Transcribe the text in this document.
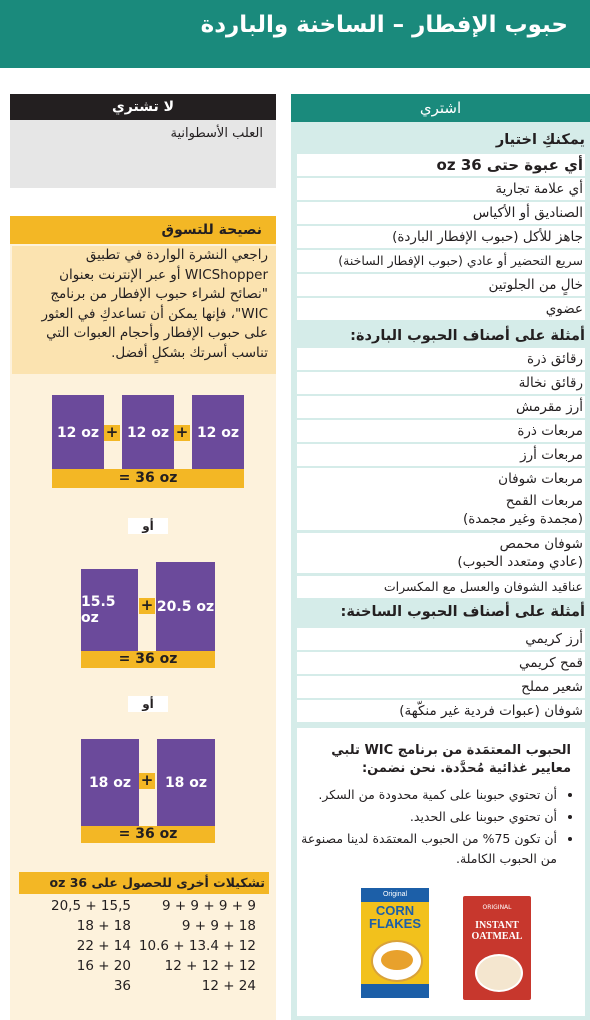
حبوب الإفطار – الساخنة والباردة
اشتري
يمكنكِ اختيار
أي عبوة حتى 36 oz
أي علامة تجارية
الصناديق أو الأكياس
جاهز للأكل (حبوب الإفطار الباردة)
سريع التحضير أو عادي (حبوب الإفطار الساخنة)
خالٍ من الجلوتين
عضوي
أمثلة على أصناف الحبوب الباردة:
رقائق ذرة
رقائق نخالة
أرز مقرمش
مربعات ذرة
مربعات أرز
مربعات شوفان
مربعات القمح
(مجمدة وغير مجمدة)
شوفان محمص
(عادي ومتعدد الحبوب)
عناقيد الشوفان والعسل مع المكسرات
أمثلة على أصناف الحبوب الساخنة:
أرز كريمي
قمح كريمي
شعير مملح
شوفان (عبوات فردية غير منكّهة)
الحبوب المعتمَدة من برنامج WIC تلبي معايير غذائية مُحدَّدة. نحن نضمن:
• أن تحتوي حبوبنا على كمية محدودة من السكر.
• أن تحتوي حبوبنا على الحديد.
• أن تكون 75% من الحبوب المعتمَدة لدينا مصنوعة من الحبوب الكاملة.
Original
CORN FLAKES	INSTANT OATMEAL
ORIGINAL
لا تشتري
العلب الأسطوانية
نصيحة للتسوق
راجعي النشرة الواردة في تطبيق WICShopper أو عبر الإنترنت بعنوان "نصائح لشراء حبوب الإفطار من برنامج WIC"، فإنها يمكن أن تساعدكِ في العثور على حبوب الإفطار وأحجام العبوات التي تناسب أسرتك بشكلٍ أفضل.
12 oz + 12 oz + 12 oz
= 36 oz
أو
15.5 oz
+ 20.5 oz
= 36 oz
أو
18 oz + 18 oz
= 36 oz
تشكيلات أخرى للحصول على 36 oz
9 + 9 + 9 + 9
9 + 9 + 18
10.6 + 13.4 + 12
12 + 12 + 12
12 + 24
20,5 + 15,5
18 + 18
22 + 14
16 + 20
36
